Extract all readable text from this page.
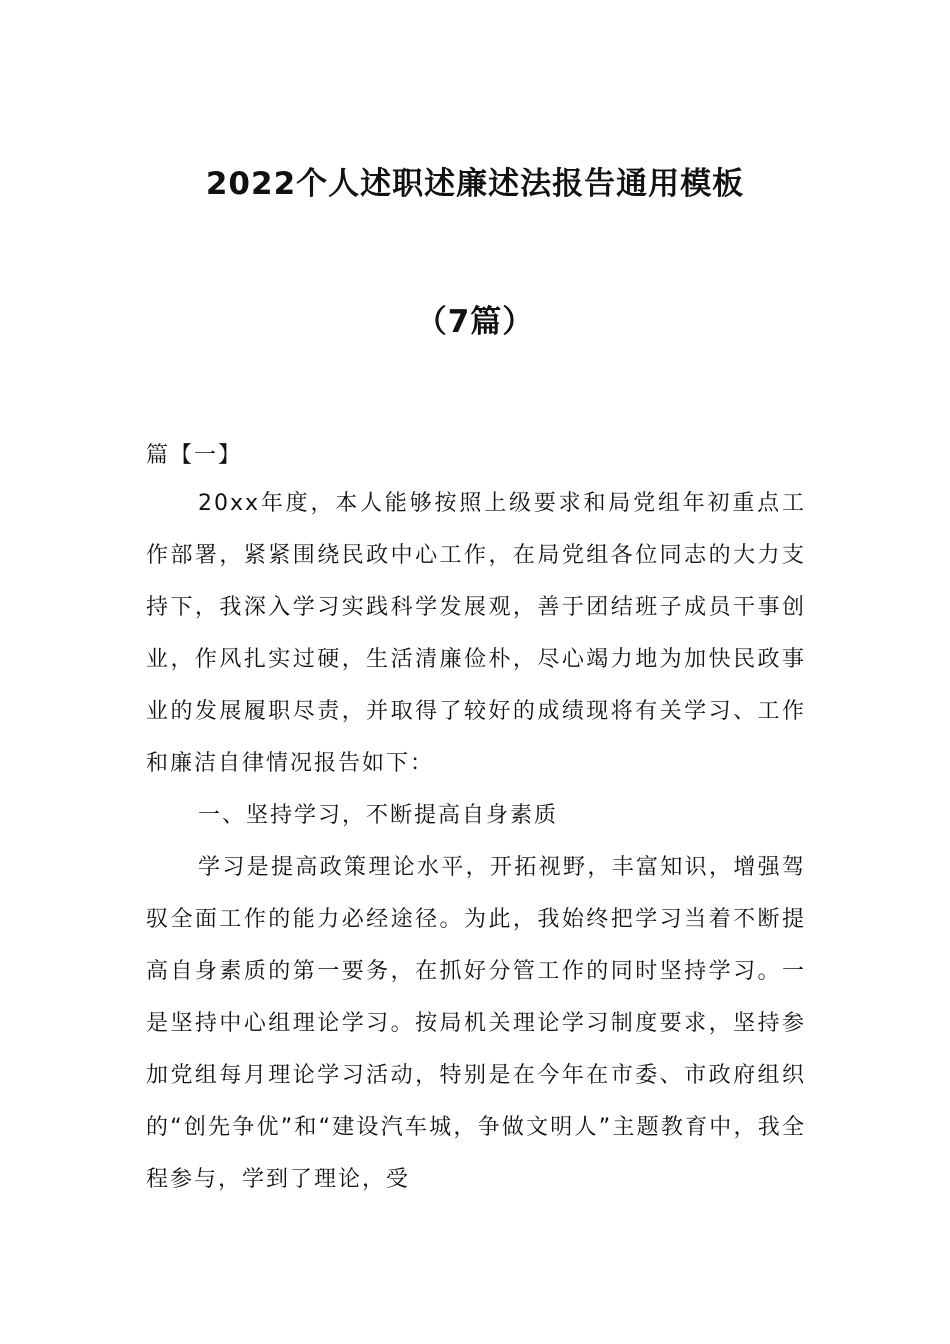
2022个人述职述廉述法报告通用模板
（7篇）
篇【一】

20xx年度，本人能够按照上级要求和局党组年初重点工作部署，紧紧围绕民政中心工作，在局党组各位同志的大力支持下，我深入学习实践科学发展观，善于团结班子成员干事创业，作风扎实过硬，生活清廉俭朴，尽心竭力地为加快民政事业的发展履职尽责，并取得了较好的成绩现将有关学习、工作和廉洁自律情况报告如下：

一、坚持学习，不断提高自身素质

学习是提高政策理论水平，开拓视野，丰富知识，增强驾驭全面工作的能力必经途径。为此，我始终把学习当着不断提高自身素质的第一要务，在抓好分管工作的同时坚持学习。一是坚持中心组理论学习。按局机关理论学习制度要求，坚持参加党组每月理论学习活动，特别是在今年在市委、市政府组织的“创先争优”和“建设汽车城，争做文明人”主题教育中，我全程参与，学到了理论，受
